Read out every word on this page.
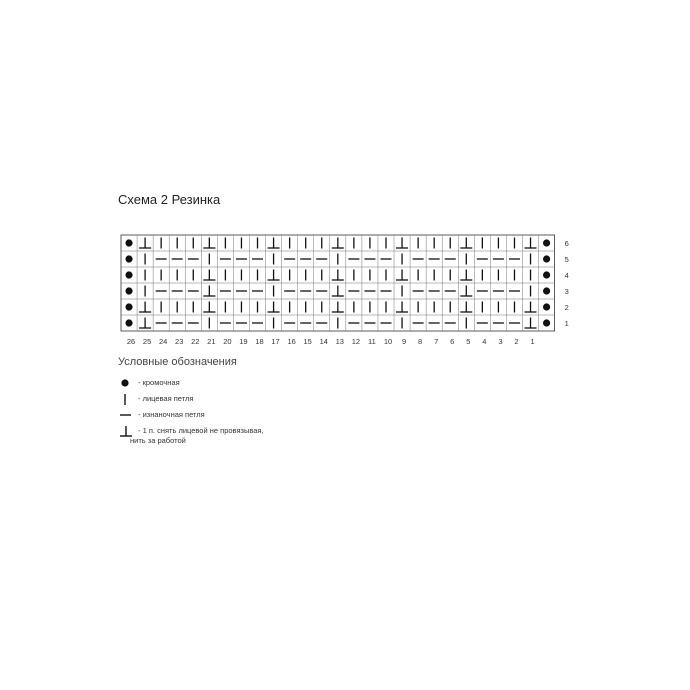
Схема 2 Резинка
1
2
3
4
5
6
26 25 24 23 22 21 20 19 18 17 16 15 14 13 12 11 10 9 8 7 6 5 4 3 2 1
Условные обозначения
- кромочная
- лицевая петля
- изнаночная петля
- 1 п. снять лицевой не провязывая,
нить за работой
